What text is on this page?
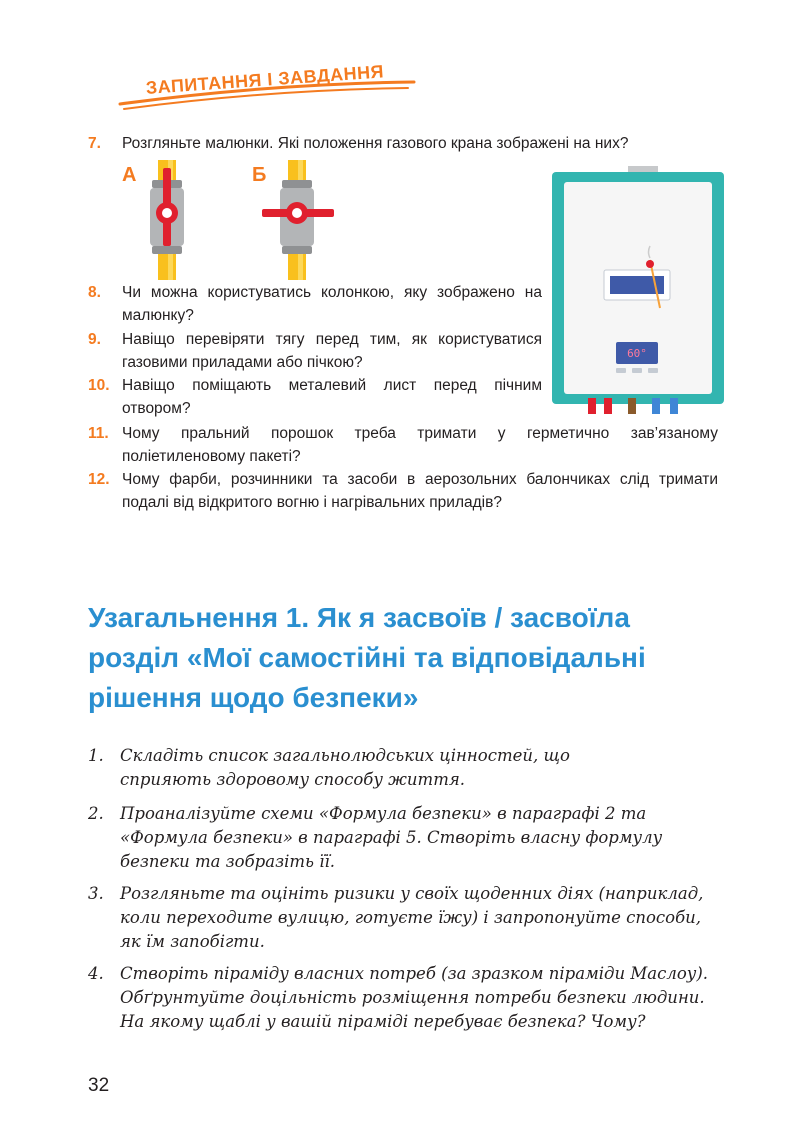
ЗАПИТАННЯ І ЗАВДАННЯ
7. Розгляньте малюнки. Які положення газового крана зображені на них?
А	Б
60°
8. Чи можна користуватись колонкою, яку зображено на малюнку?
9. Навіщо перевіряти тягу перед тим, як користуватися газовими приладами або пічкою?
10. Навіщо поміщають металевий лист перед пічним отвором?
11. Чому пральний порошок треба тримати у герметично зав’язаному поліетиленовому пакеті?
12. Чому фарби, розчинники та засоби в аерозольних балончиках слід тримати подалі від відкритого вогню і нагрівальних приладів?
Узагальнення 1. Як я засвоїв / засвоїла розділ «Мої самостійні та відповідальні рішення щодо безпеки»
1. Складіть список загальнолюдських цінностей, що сприяють здоровому способу життя.
2. Проаналізуйте схеми «Формула безпеки» в параграфі 2 та «Формула безпеки» в параграфі 5. Створіть власну формулу безпеки та зобразіть її.
3. Розгляньте та оцініть ризики у своїх щоденних діях (наприклад, коли переходите вулицю, готуєте їжу) і запропонуйте способи, як їм запобігти.
4. Створіть піраміду власних потреб (за зразком піраміди Маслоу). Обґрунтуйте доцільність розміщення потреби безпеки людини. На якому щаблі у вашій піраміді перебуває безпека? Чому?
32
